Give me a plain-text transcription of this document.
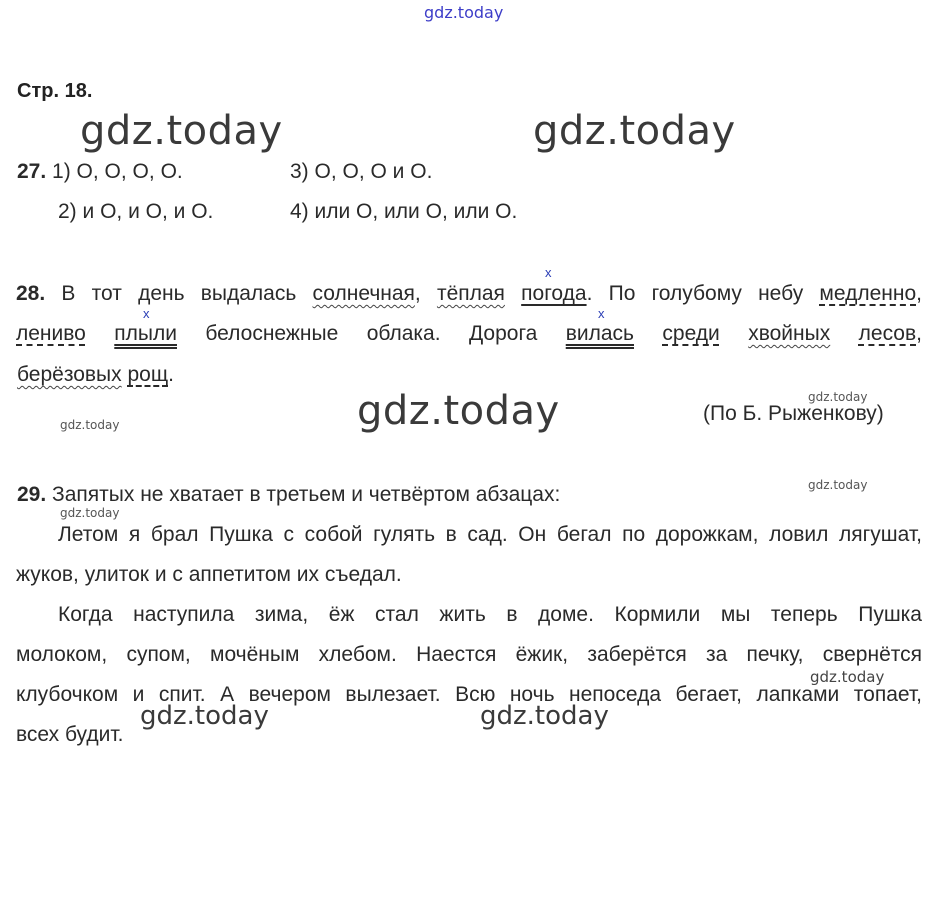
gdz.today
Стр. 18.
gdz.today	gdz.today
27. 1) О, О, О, О.	3) О, О, О и О.
2) и О, и О, и О.	4) или О, или О, или О.
x
x	x
28. В тот день выдалась солнечная, тёплая погода. По голубому небу медленно,
лениво плыли белоснежные облака. Дорога вилась среди хвойных лесов,
берёзовых рощ.
gdz.today
gdz.today
gdz.today	(По Б. Рыженкову)
gdz.today
29. Запятых не хватает в третьем и четвёртом абзацах:
gdz.today
Летом я брал Пушка с собой гулять в сад. Он бегал по дорожкам, ловил лягушат,
жуков, улиток и с аппетитом их съедал.
Когда наступила зима, ёж стал жить в доме. Кормили мы теперь Пушка
молоком, супом, мочёным хлебом. Наестся ёжик, заберётся за печку, свернётся
клубочком и спит. А вечером вылезает. Всю ночь непоседа бегает, лапками топает,
всех будит.
gdz.today	gdz.today
gdz.today
